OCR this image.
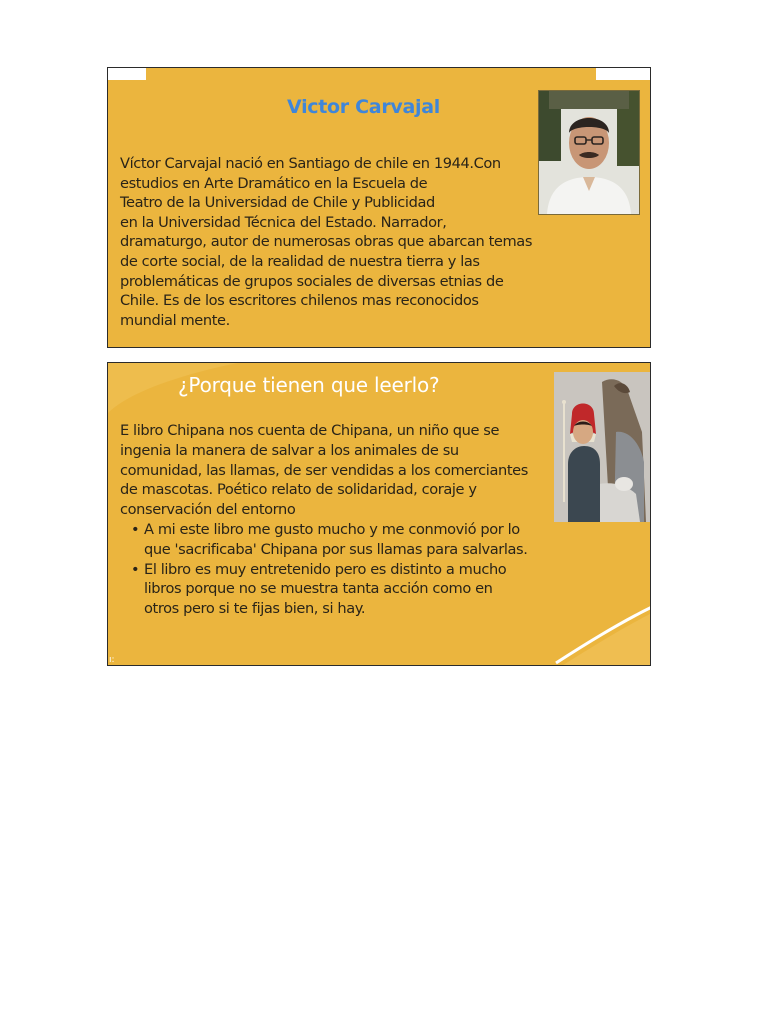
Victor Carvajal
Víctor Carvajal nació en Santiago de chile en 1944.Con
estudios en Arte Dramático en la Escuela de
Teatro de la Universidad de Chile y Publicidad
en la Universidad Técnica del Estado. Narrador,
dramaturgo, autor de numerosas obras que abarcan temas
de corte social, de la realidad de nuestra tierra y las
problemáticas de grupos sociales de diversas etnias de
Chile. Es de los escritores chilenos mas reconocidos
mundial mente.
¿Porque tienen que leerlo?
E libro Chipana nos cuenta de Chipana, un niño que se
ingenia la manera de salvar a los animales de su
comunidad, las llamas, de ser vendidas a los comerciantes
de mascotas. Poético relato de solidaridad, coraje y
conservación del entorno
• A mi este libro me gusto mucho y me conmovió por lo
que 'sacrificaba' Chipana por sus llamas para salvarlas.
• El libro es muy entretenido pero es distinto a mucho
libros porque no se muestra tanta acción como en
otros pero si te fijas bien, si hay.
ı:
